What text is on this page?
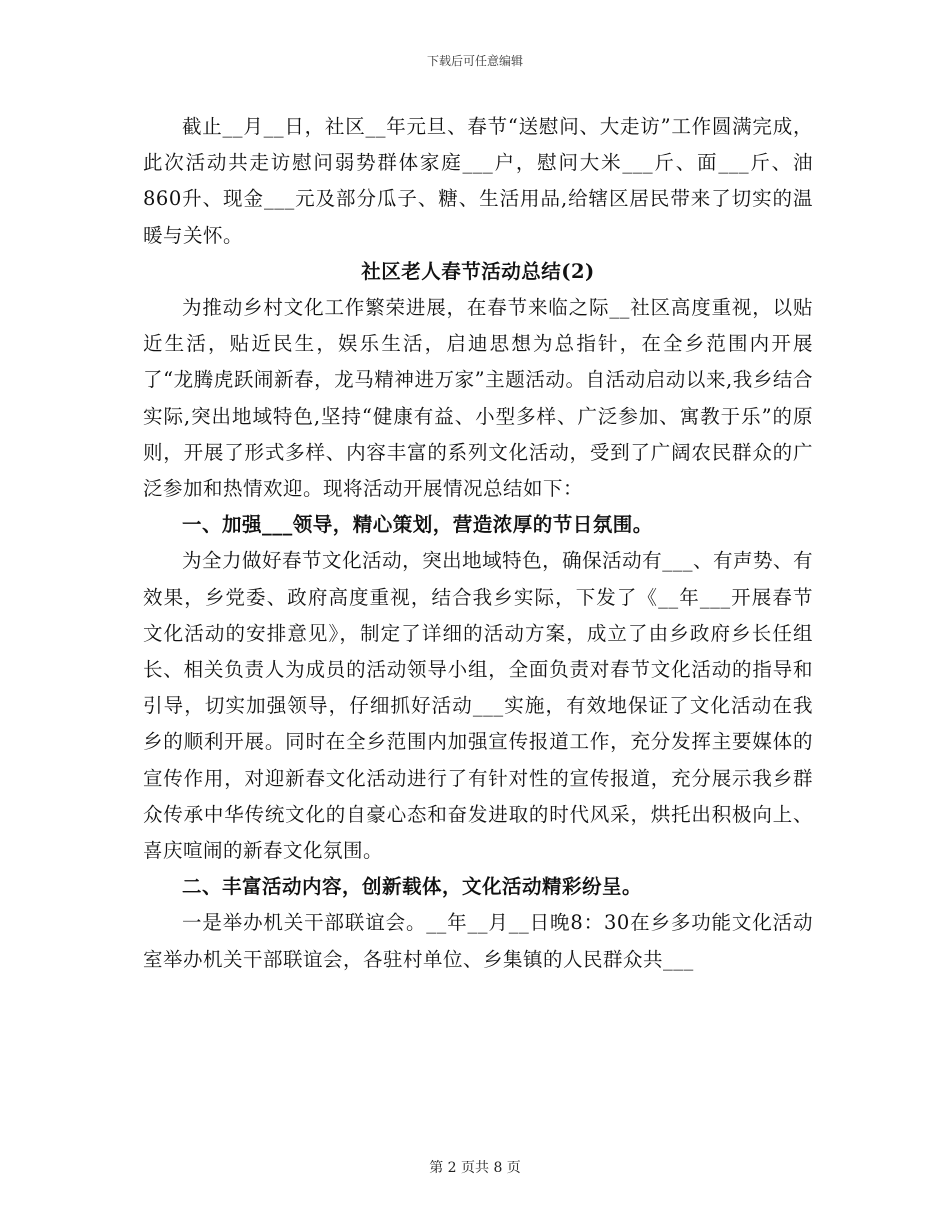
下载后可任意编辑

截止__月__日，社区__年元旦、春节“送慰问、大走访”工作圆满完成，此次活动共走访慰问弱势群体家庭___户，慰问大米___斤、面___斤、油860升、现金___元及部分瓜子、糖、生活用品,给辖区居民带来了切实的温暖与关怀。

社区老人春节活动总结(2)

为推动乡村文化工作繁荣进展，在春节来临之际__社区高度重视，以贴近生活，贴近民生，娱乐生活，启迪思想为总指针，在全乡范围内开展了“龙腾虎跃闹新春，龙马精神进万家”主题活动。自活动启动以来,我乡结合实际,突出地域特色,坚持“健康有益、小型多样、广泛参加、寓教于乐”的原则，开展了形式多样、内容丰富的系列文化活动，受到了广阔农民群众的广泛参加和热情欢迎。现将活动开展情况总结如下：

一、加强___领导，精心策划，营造浓厚的节日氛围。

为全力做好春节文化活动，突出地域特色，确保活动有___、有声势、有效果，乡党委、政府高度重视，结合我乡实际，下发了《__年___开展春节文化活动的安排意见》，制定了详细的活动方案，成立了由乡政府乡长任组长、相关负责人为成员的活动领导小组，全面负责对春节文化活动的指导和引导，切实加强领导，仔细抓好活动___实施，有效地保证了文化活动在我乡的顺利开展。同时在全乡范围内加强宣传报道工作，充分发挥主要媒体的宣传作用，对迎新春文化活动进行了有针对性的宣传报道，充分展示我乡群众传承中华传统文化的自豪心态和奋发进取的时代风采，烘托出积极向上、喜庆喧闹的新春文化氛围。

二、丰富活动内容，创新载体，文化活动精彩纷呈。

一是举办机关干部联谊会。__年__月__日晚8：30在乡多功能文化活动室举办机关干部联谊会，各驻村单位、乡集镇的人民群众共___

第 2 页共 8 页
